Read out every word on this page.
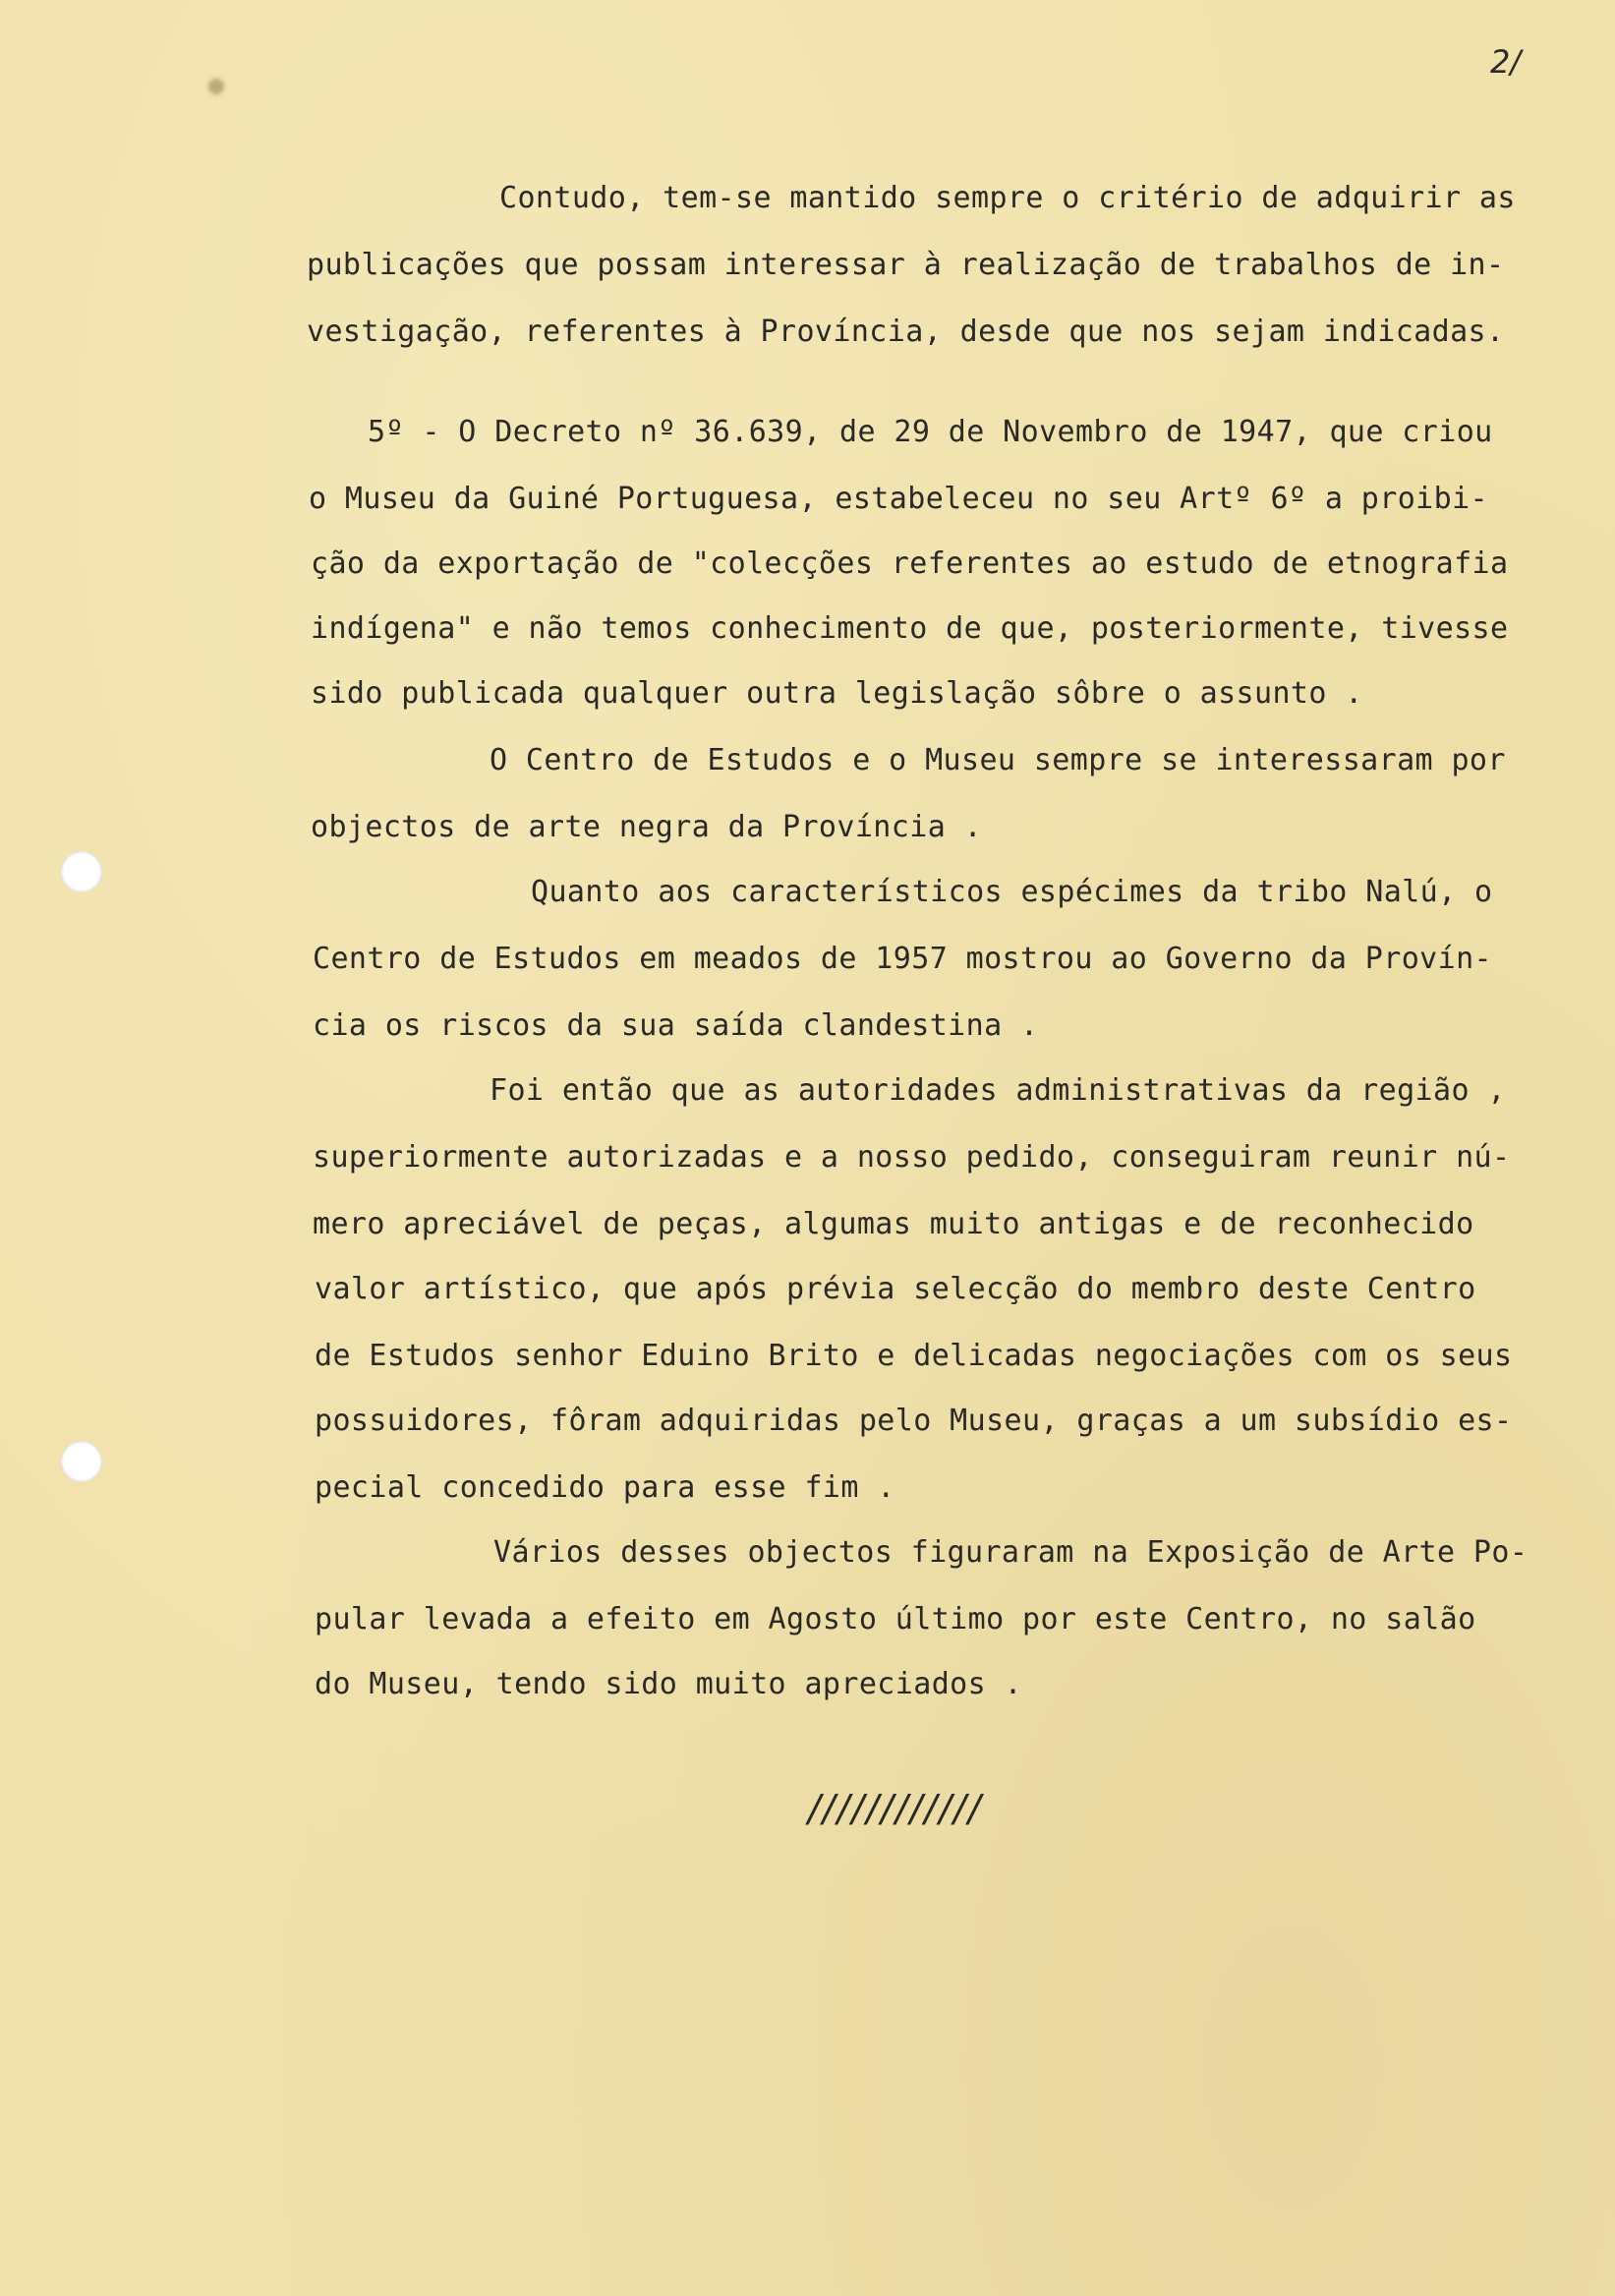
2/
Contudo, tem-se mantido sempre o critério de adquirir as
publicações que possam interessar à realização de trabalhos de in-
vestigação, referentes à Província, desde que nos sejam indicadas.
5º - O Decreto nº 36.639, de 29 de Novembro de 1947, que criou
o Museu da Guiné Portuguesa, estabeleceu no seu Artº 6º a proibi-
ção da exportação de "colecções referentes ao estudo de etnografia
indígena" e não temos conhecimento de que, posteriormente, tivesse
sido publicada qualquer outra legislação sôbre o assunto .
O Centro de Estudos e o Museu sempre se interessaram por
objectos de arte negra da Província .
Quanto aos característicos espécimes da tribo Nalú, o
Centro de Estudos em meados de 1957 mostrou ao Governo da Provín-
cia os riscos da sua saída clandestina .
Foi então que as autoridades administrativas da região ,
superiormente autorizadas e a nosso pedido, conseguiram reunir nú-
mero apreciável de peças, algumas muito antigas e de reconhecido
valor artístico, que após prévia selecção do membro deste Centro
de Estudos senhor Eduino Brito e delicadas negociações com os seus
possuidores, fôram adquiridas pelo Museu, graças a um subsídio es-
pecial concedido para esse fim .
Vários desses objectos figuraram na Exposição de Arte Po-
pular levada a efeito em Agosto último por este Centro, no salão
do Museu, tendo sido muito apreciados .
////////////
